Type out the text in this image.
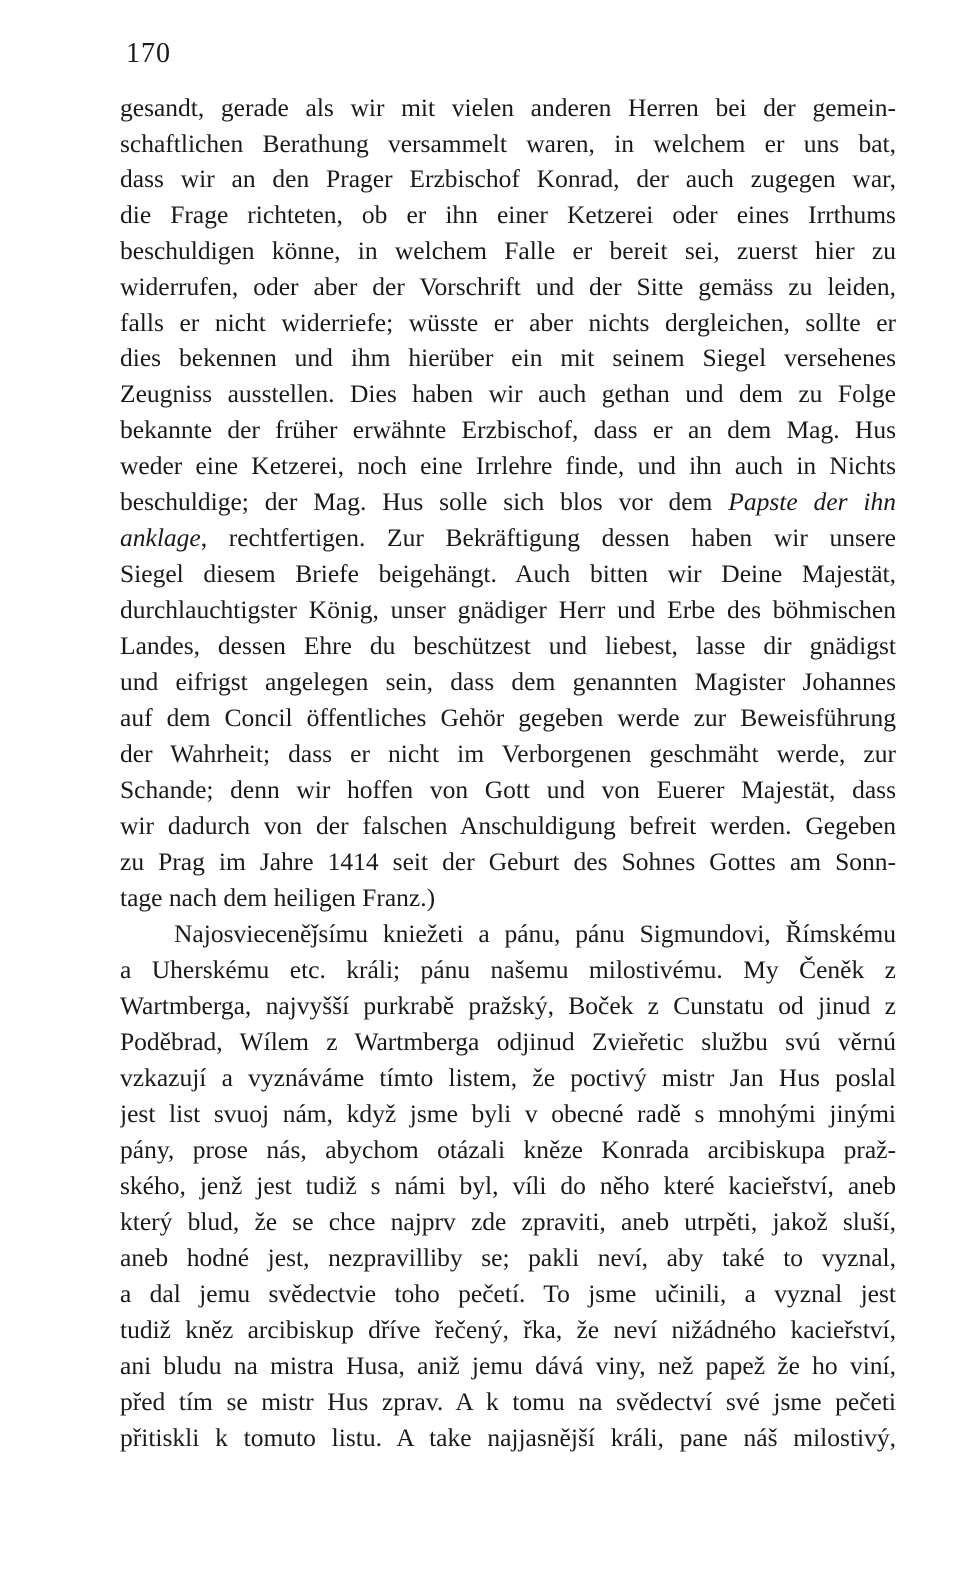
170
gesandt, gerade als wir mit vielen anderen Herren bei der gemein-
schaftlichen Berathung versammelt waren, in welchem er uns bat,
dass wir an den Prager Erzbischof Konrad, der auch zugegen war,
die Frage richteten, ob er ihn einer Ketzerei oder eines Irrthums
beschuldigen könne, in welchem Falle er bereit sei, zuerst hier zu
widerrufen, oder aber der Vorschrift und der Sitte gemäss zu leiden,
falls er nicht widerriefe; wüsste er aber nichts dergleichen, sollte er
dies bekennen und ihm hierüber ein mit seinem Siegel versehenes
Zeugniss ausstellen. Dies haben wir auch gethan und dem zu Folge
bekannte der früher erwähnte Erzbischof, dass er an dem Mag. Hus
weder eine Ketzerei, noch eine Irrlehre finde, und ihn auch in Nichts
beschuldige; der Mag. Hus solle sich blos vor dem Papste der ihn
anklage, rechtfertigen. Zur Bekräftigung dessen haben wir unsere
Siegel diesem Briefe beigehängt. Auch bitten wir Deine Majestät,
durchlauchtigster König, unser gnädiger Herr und Erbe des böhmischen
Landes, dessen Ehre du beschützest und liebest, lasse dir gnädigst
und eifrigst angelegen sein, dass dem genannten Magister Johannes
auf dem Concil öffentliches Gehör gegeben werde zur Beweisführung
der Wahrheit; dass er nicht im Verborgenen geschmäht werde, zur
Schande; denn wir hoffen von Gott und von Euerer Majestät, dass
wir dadurch von der falschen Anschuldigung befreit werden. Gegeben
zu Prag im Jahre 1414 seit der Geburt des Sohnes Gottes am Sonn-
tage nach dem heiligen Franz.)
Najosvieceněǰsímu kniežeti a pánu, pánu Sigmundovi, Římskému
a Uherskému etc. králi; pánu našemu milostivému. My Čeněk z
Wartmberga, najvyšší purkrabě pražský, Boček z Cunstatu od jinud z
Poděbrad, Wílem z Wartmberga odjinud Zvieřetic službu svú věrnú
vzkazují a vyznáváme tímto listem, že poctivý mistr Jan Hus poslal
jest list svuoj nám, když jsme byli v obecné radě s mnohými jinými
pány, prose nás, abychom otázali kněze Konrada arcibiskupa praž-
ského, jenž jest tudiž s námi byl, víli do něho které kacieřství, aneb
který blud, že se chce najprv zde zpraviti, aneb utrpěti, jakož sluší,
aneb hodné jest, nezpravilliby se; pakli neví, aby také to vyznal,
a dal jemu svědectvie toho pečetí. To jsme učinili, a vyznal jest
tudiž kněz arcibiskup dříve řečený, řka, že neví nižádného kacieřství,
ani bludu na mistra Husa, aniž jemu dává viny, než papež že ho viní,
před tím se mistr Hus zprav. A k tomu na svědectví své jsme pečeti
přitiskli k tomuto listu. A take najjasnější králi, pane náš milostivý,
